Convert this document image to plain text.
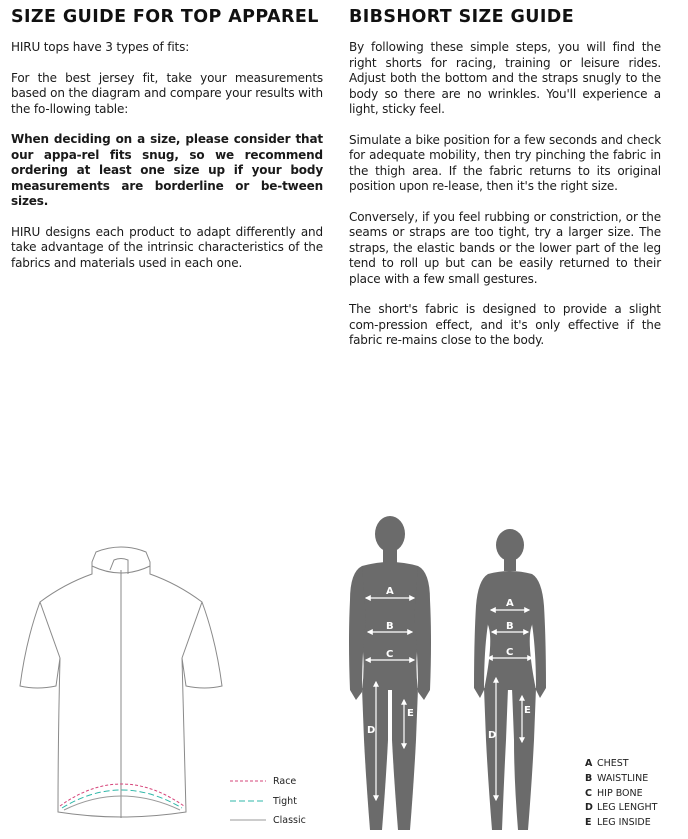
SIZE GUIDE FOR TOP APPAREL

HIRU tops have 3 types of fits:

For the best jersey fit, take your measurements based on the diagram and compare your results with the fo-llowing table:

When deciding on a size, please consider that our appa-rel fits snug, so we recommend ordering at least one size up if your body measurements are borderline or be-tween sizes.

HIRU designs each product to adapt differently and take advantage of the intrinsic characteristics of the fabrics and materials used in each one.

BIBSHORT SIZE GUIDE

By following these simple steps, you will find the right shorts for racing, training or leisure rides. Adjust both the bottom and the straps snugly to the body so there are no wrinkles. You'll experience a light, sticky feel.

Simulate a bike position for a few seconds and check for adequate mobility, then try pinching the fabric in the thigh area. If the fabric returns to its original position upon re-lease, then it's the right size.

Conversely, if you feel rubbing or constriction, or the seams or straps are too tight, try a larger size. The straps, the elastic bands or the lower part of the leg tend to roll up but can be easily returned to their place with a few small gestures.

The short's fabric is designed to provide a slight com-pression effect, and it's only effective if the fabric re-mains close to the body.

Race
Tight
Classic
A
B
C
D
E
A
B
C
D
E
A CHEST
B WAISTLINE
C HIP BONE
D LEG LENGHT
E LEG INSIDE
